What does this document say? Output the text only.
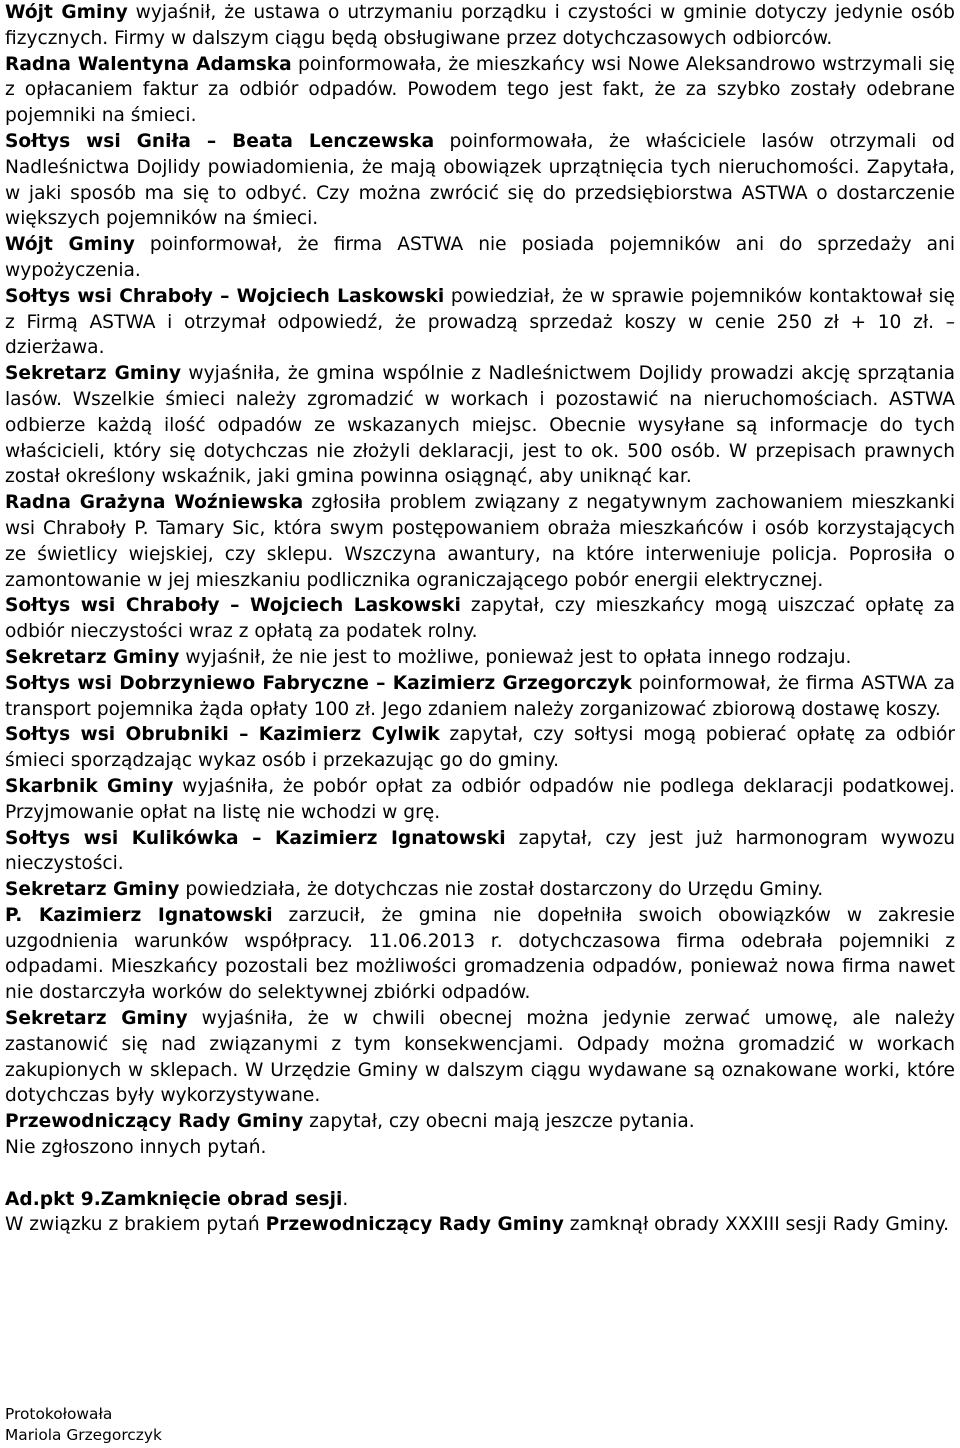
Wójt Gminy wyjaśnił, że ustawa o utrzymaniu porządku i czystości w gminie dotyczy jedynie osób fizycznych. Firmy w dalszym ciągu będą obsługiwane przez dotychczasowych odbiorców.

Radna Walentyna Adamska poinformowała, że mieszkańcy wsi Nowe Aleksandrowo wstrzymali się z opłacaniem faktur za odbiór odpadów. Powodem tego jest fakt, że za szybko zostały odebrane pojemniki na śmieci.

Sołtys wsi Gniła – Beata Lenczewska poinformowała, że właściciele lasów otrzymali od Nadleśnictwa Dojlidy powiadomienia, że mają obowiązek uprzątnięcia tych nieruchomości. Zapytała, w jaki sposób ma się to odbyć. Czy można zwrócić się do przedsiębiorstwa ASTWA o dostarczenie większych pojemników na śmieci.

Wójt Gminy poinformował, że firma ASTWA nie posiada pojemników ani do sprzedaży ani wypożyczenia.

Sołtys wsi Chraboły – Wojciech Laskowski powiedział, że w sprawie pojemników kontaktował się z Firmą ASTWA i otrzymał odpowiedź, że prowadzą sprzedaż koszy w cenie 250 zł + 10 zł. – dzierżawa.

Sekretarz Gminy wyjaśniła, że gmina wspólnie z Nadleśnictwem Dojlidy prowadzi akcję sprzątania lasów. Wszelkie śmieci należy zgromadzić w workach i pozostawić na nieruchomościach. ASTWA odbierze każdą ilość odpadów ze wskazanych miejsc. Obecnie wysyłane są informacje do tych właścicieli, który się dotychczas nie złożyli deklaracji, jest to ok. 500 osób. W przepisach prawnych został określony wskaźnik, jaki gmina powinna osiągnąć, aby uniknąć kar.

Radna Grażyna Woźniewska zgłosiła problem związany z negatywnym zachowaniem mieszkanki wsi Chraboły P. Tamary Sic, która swym postępowaniem obraża mieszkańców i osób korzystających ze świetlicy wiejskiej, czy sklepu. Wszczyna awantury, na które interweniuje policja. Poprosiła o zamontowanie w jej mieszkaniu podlicznika ograniczającego pobór energii elektrycznej.

Sołtys wsi Chraboły – Wojciech Laskowski zapytał, czy mieszkańcy mogą uiszczać opłatę za odbiór nieczystości wraz z opłatą za podatek rolny.

Sekretarz Gminy wyjaśnił, że nie jest to możliwe, ponieważ jest to opłata innego rodzaju.

Sołtys wsi Dobrzyniewo Fabryczne – Kazimierz Grzegorczyk poinformował, że firma ASTWA za transport pojemnika żąda opłaty 100 zł. Jego zdaniem należy zorganizować zbiorową dostawę koszy.

Sołtys wsi Obrubniki – Kazimierz Cylwik zapytał, czy sołtysi mogą pobierać opłatę za odbiór śmieci sporządzając wykaz osób i przekazując go do gminy.

Skarbnik Gminy wyjaśniła, że pobór opłat za odbiór odpadów nie podlega deklaracji podatkowej. Przyjmowanie opłat na listę nie wchodzi w grę.

Sołtys wsi Kulikówka – Kazimierz Ignatowski zapytał, czy jest już harmonogram wywozu nieczystości.

Sekretarz Gminy powiedziała, że dotychczas nie został dostarczony do Urzędu Gminy.

P. Kazimierz Ignatowski zarzucił, że gmina nie dopełniła swoich obowiązków w zakresie uzgodnienia warunków współpracy. 11.06.2013 r. dotychczasowa firma odebrała pojemniki z odpadami. Mieszkańcy pozostali bez możliwości gromadzenia odpadów, ponieważ nowa firma nawet nie dostarczyła worków do selektywnej zbiórki odpadów.

Sekretarz Gminy wyjaśniła, że w chwili obecnej można jedynie zerwać umowę, ale należy zastanowić się nad związanymi z tym konsekwencjami. Odpady można gromadzić w workach zakupionych w sklepach. W Urzędzie Gminy w dalszym ciągu wydawane są oznakowane worki, które dotychczas były wykorzystywane.

Przewodniczący Rady Gminy zapytał, czy obecni mają jeszcze pytania.

Nie zgłoszono innych pytań.

Ad.pkt 9.Zamknięcie obrad sesji.

W związku z brakiem pytań Przewodniczący Rady Gminy zamknął obrady XXXIII sesji Rady Gminy.

Protokołowała
Mariola Grzegorczyk
